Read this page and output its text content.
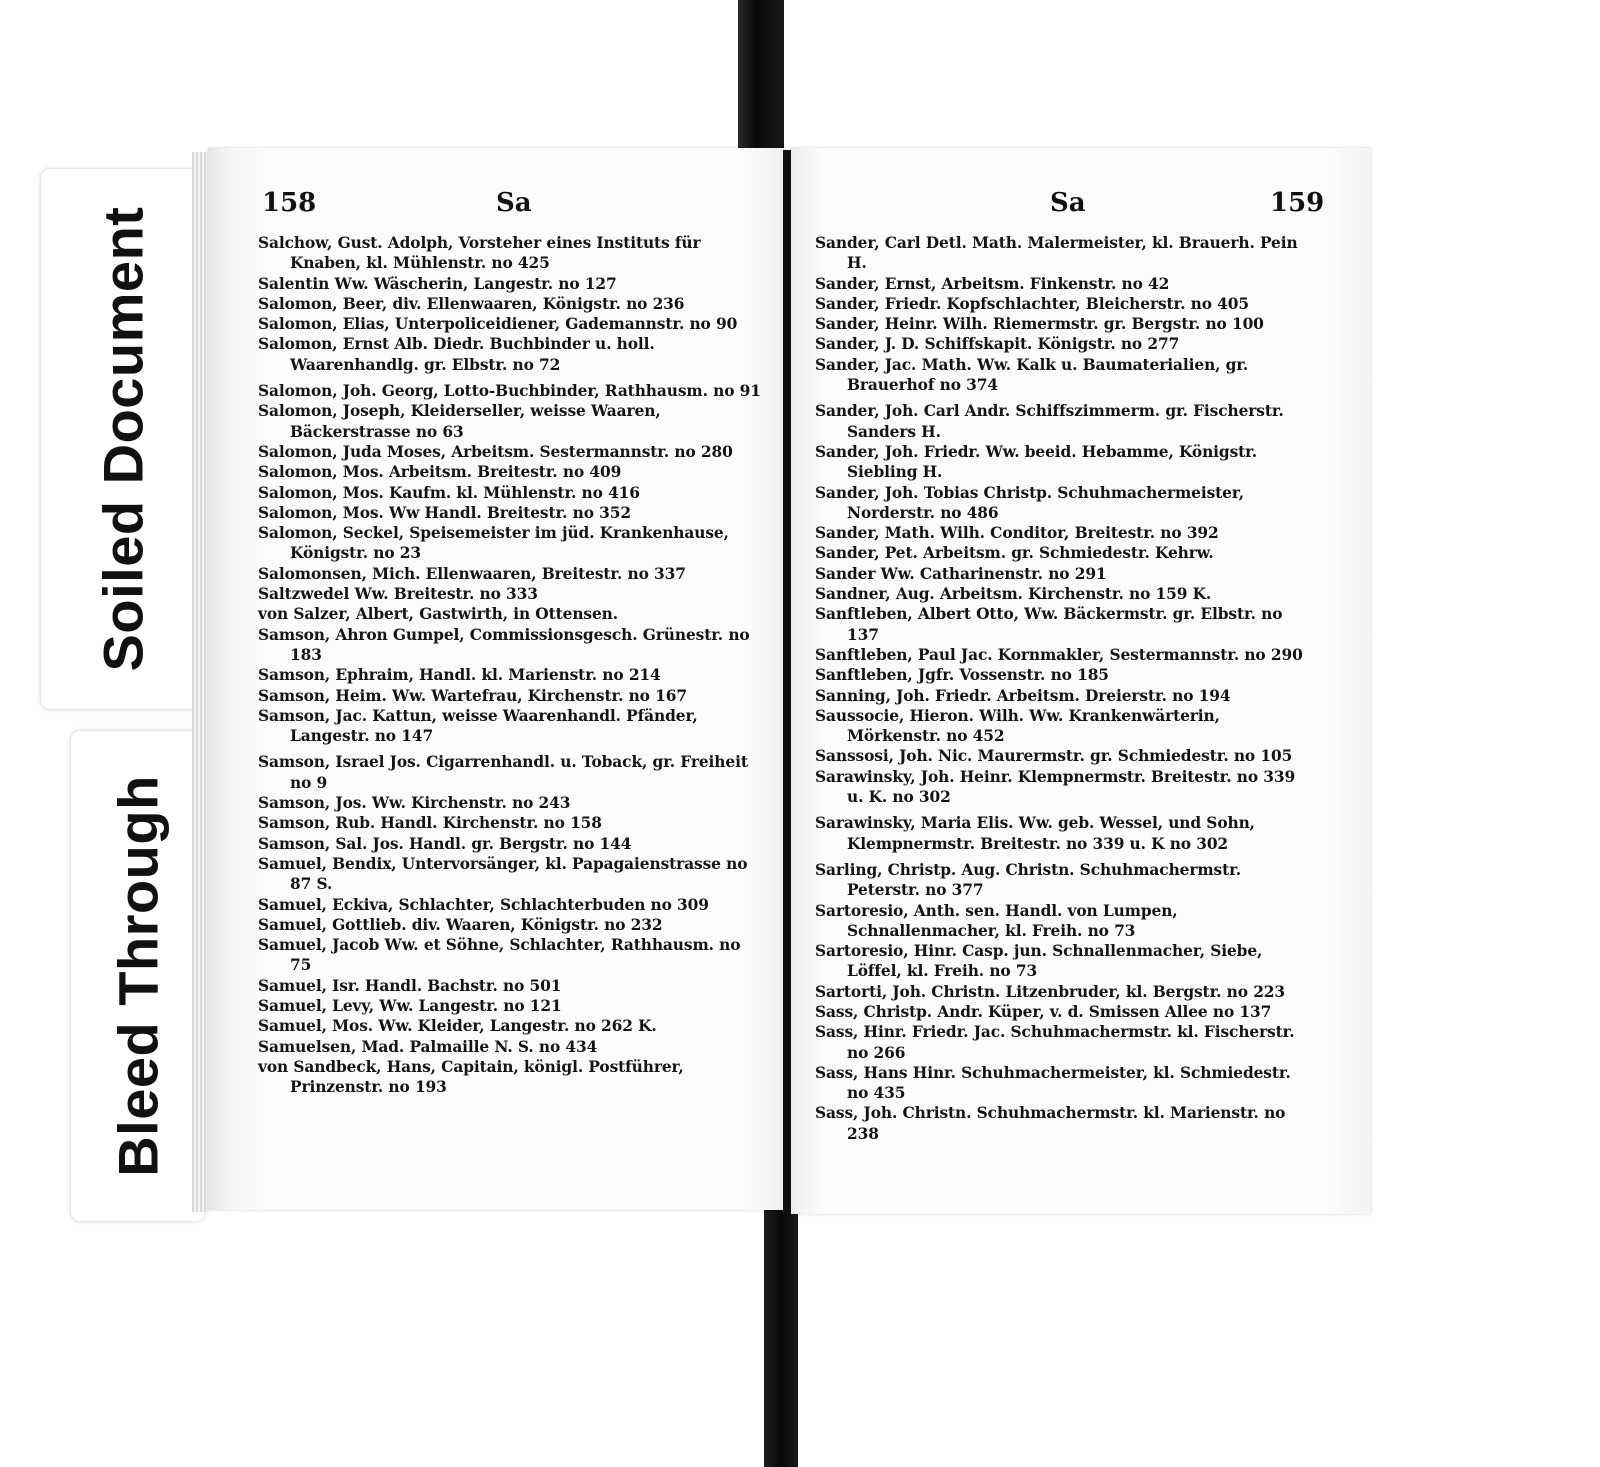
Soiled Document
Bleed Through
158	Sa	Sa	159
Salchow, Gust. Adolph, Vorsteher eines Instituts für Knaben, kl. Mühlenstr. no 425
Salentin Ww. Wäscherin, Langestr. no 127
Salomon, Beer, div. Ellenwaaren, Königstr. no 236
Salomon, Elias, Unterpoliceidiener, Gademannstr. no 90
Salomon, Ernst Alb. Diedr. Buchbinder u. holl. Waarenhandlg. gr. Elbstr. no 72
Salomon, Joh. Georg, Lotto-Buchbinder, Rathhausm. no 91
Salomon, Joseph, Kleiderseller, weisse Waaren, Bäckerstrasse no 63
Salomon, Juda Moses, Arbeitsm. Sestermannstr. no 280
Salomon, Mos. Arbeitsm. Breitestr. no 409
Salomon, Mos. Kaufm. kl. Mühlenstr. no 416
Salomon, Mos. Ww Handl. Breitestr. no 352
Salomon, Seckel, Speisemeister im jüd. Krankenhause, Königstr. no 23
Salomonsen, Mich. Ellenwaaren, Breitestr. no 337
Saltzwedel Ww. Breitestr. no 333
von Salzer, Albert, Gastwirth, in Ottensen.
Samson, Ahron Gumpel, Commissionsgesch. Grünestr. no 183
Samson, Ephraim, Handl. kl. Marienstr. no 214
Samson, Heim. Ww. Wartefrau, Kirchenstr. no 167
Samson, Jac. Kattun, weisse Waarenhandl. Pfänder, Langestr. no 147
Samson, Israel Jos. Cigarrenhandl. u. Toback, gr. Freiheit no 9
Samson, Jos. Ww. Kirchenstr. no 243
Samson, Rub. Handl. Kirchenstr. no 158
Samson, Sal. Jos. Handl. gr. Bergstr. no 144
Samuel, Bendix, Untervorsänger, kl. Papagaienstrasse no 87 S.
Samuel, Eckiva, Schlachter, Schlachterbuden no 309
Samuel, Gottlieb. div. Waaren, Königstr. no 232
Samuel, Jacob Ww. et Söhne, Schlachter, Rathhausm. no 75
Samuel, Isr. Handl. Bachstr. no 501
Samuel, Levy, Ww. Langestr. no 121
Samuel, Mos. Ww. Kleider, Langestr. no 262 K.
Samuelsen, Mad. Palmaille N. S. no 434
von Sandbeck, Hans, Capitain, königl. Postführer, Prinzenstr. no 193
Sander, Carl Detl. Math. Malermeister, kl. Brauerh. Pein H.
Sander, Ernst, Arbeitsm. Finkenstr. no 42
Sander, Friedr. Kopfschlachter, Bleicherstr. no 405
Sander, Heinr. Wilh. Riemermstr. gr. Bergstr. no 100
Sander, J. D. Schiffskapit. Königstr. no 277
Sander, Jac. Math. Ww. Kalk u. Baumaterialien, gr. Brauerhof no 374
Sander, Joh. Carl Andr. Schiffszimmerm. gr. Fischerstr. Sanders H.
Sander, Joh. Friedr. Ww. beeid. Hebamme, Königstr. Siebling H.
Sander, Joh. Tobias Christp. Schuhmachermeister, Norderstr. no 486
Sander, Math. Wilh. Conditor, Breitestr. no 392
Sander, Pet. Arbeitsm. gr. Schmiedestr. Kehrw.
Sander Ww. Catharinenstr. no 291
Sandner, Aug. Arbeitsm. Kirchenstr. no 159 K.
Sanftleben, Albert Otto, Ww. Bäckermstr. gr. Elbstr. no 137
Sanftleben, Paul Jac. Kornmakler, Sestermannstr. no 290
Sanftleben, Jgfr. Vossenstr. no 185
Sanning, Joh. Friedr. Arbeitsm. Dreierstr. no 194
Saussocie, Hieron. Wilh. Ww. Krankenwärterin, Mörkenstr. no 452
Sanssosi, Joh. Nic. Maurermstr. gr. Schmiedestr. no 105
Sarawinsky, Joh. Heinr. Klempnermstr. Breitestr. no 339 u. K. no 302
Sarawinsky, Maria Elis. Ww. geb. Wessel, und Sohn, Klempnermstr. Breitestr. no 339 u. K no 302
Sarling, Christp. Aug. Christn. Schuhmachermstr. Peterstr. no 377
Sartoresio, Anth. sen. Handl. von Lumpen, Schnallenmacher, kl. Freih. no 73
Sartoresio, Hinr. Casp. jun. Schnallenmacher, Siebe, Löffel, kl. Freih. no 73
Sartorti, Joh. Christn. Litzenbruder, kl. Bergstr. no 223
Sass, Christp. Andr. Küper, v. d. Smissen Allee no 137
Sass, Hinr. Friedr. Jac. Schuhmachermstr. kl. Fischerstr. no 266
Sass, Hans Hinr. Schuhmachermeister, kl. Schmiedestr. no 435
Sass, Joh. Christn. Schuhmachermstr. kl. Marienstr. no 238
